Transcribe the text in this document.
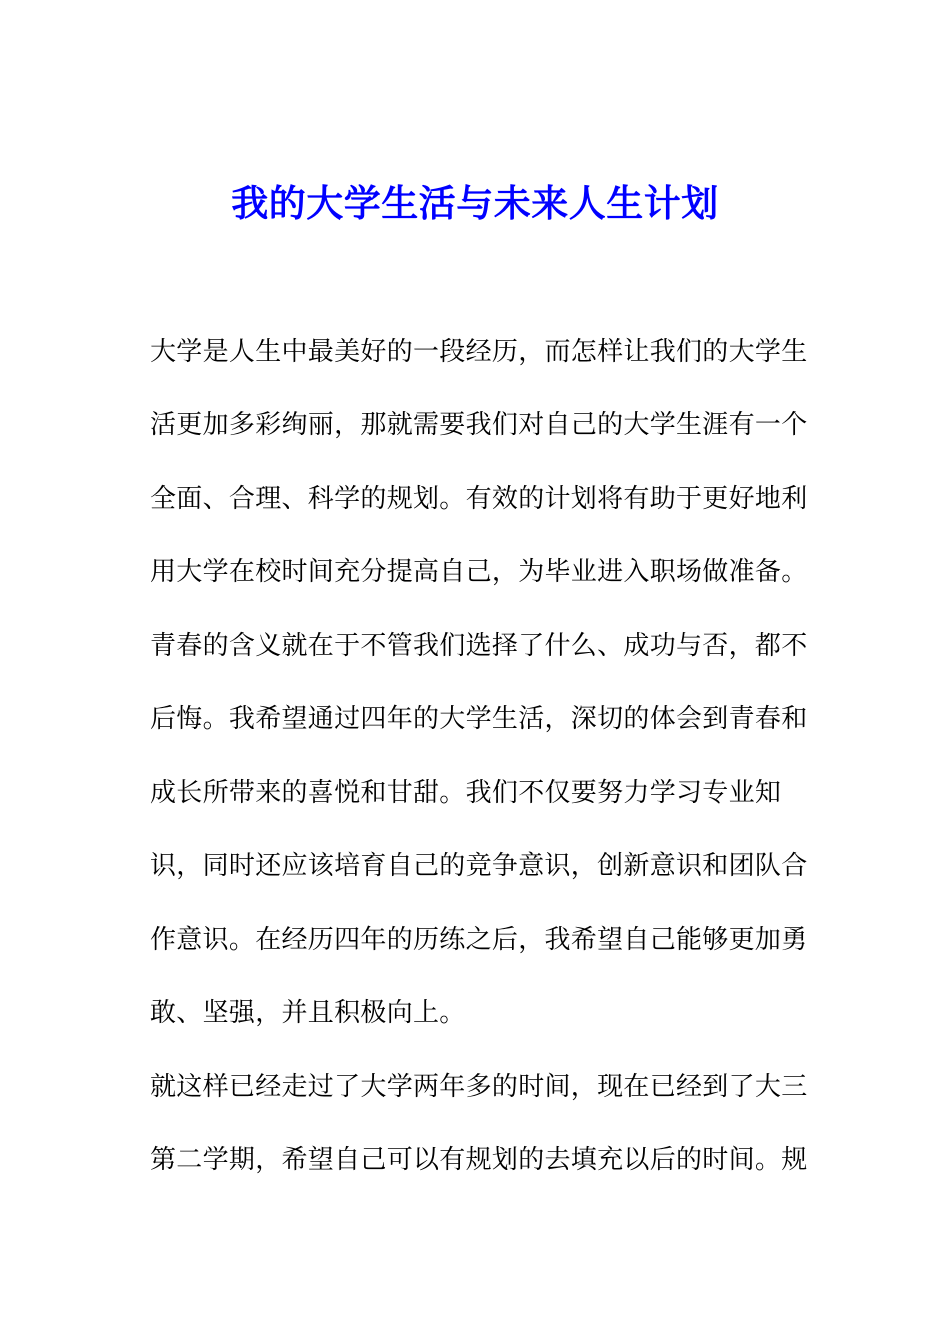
我的大学生活与未来人生计划
大学是人生中最美好的一段经历，而怎样让我们的大学生
活更加多彩绚丽，那就需要我们对自己的大学生涯有一个
全面、合理、科学的规划。有效的计划将有助于更好地利
用大学在校时间充分提高自己，为毕业进入职场做准备。
青春的含义就在于不管我们选择了什么、成功与否，都不
后悔。我希望通过四年的大学生活，深切的体会到青春和
成长所带来的喜悦和甘甜。我们不仅要努力学习专业知
识，同时还应该培育自己的竞争意识，创新意识和团队合
作意识。在经历四年的历练之后，我希望自己能够更加勇
敢、坚强，并且积极向上。
就这样已经走过了大学两年多的时间，现在已经到了大三
第二学期，希望自己可以有规划的去填充以后的时间。规
